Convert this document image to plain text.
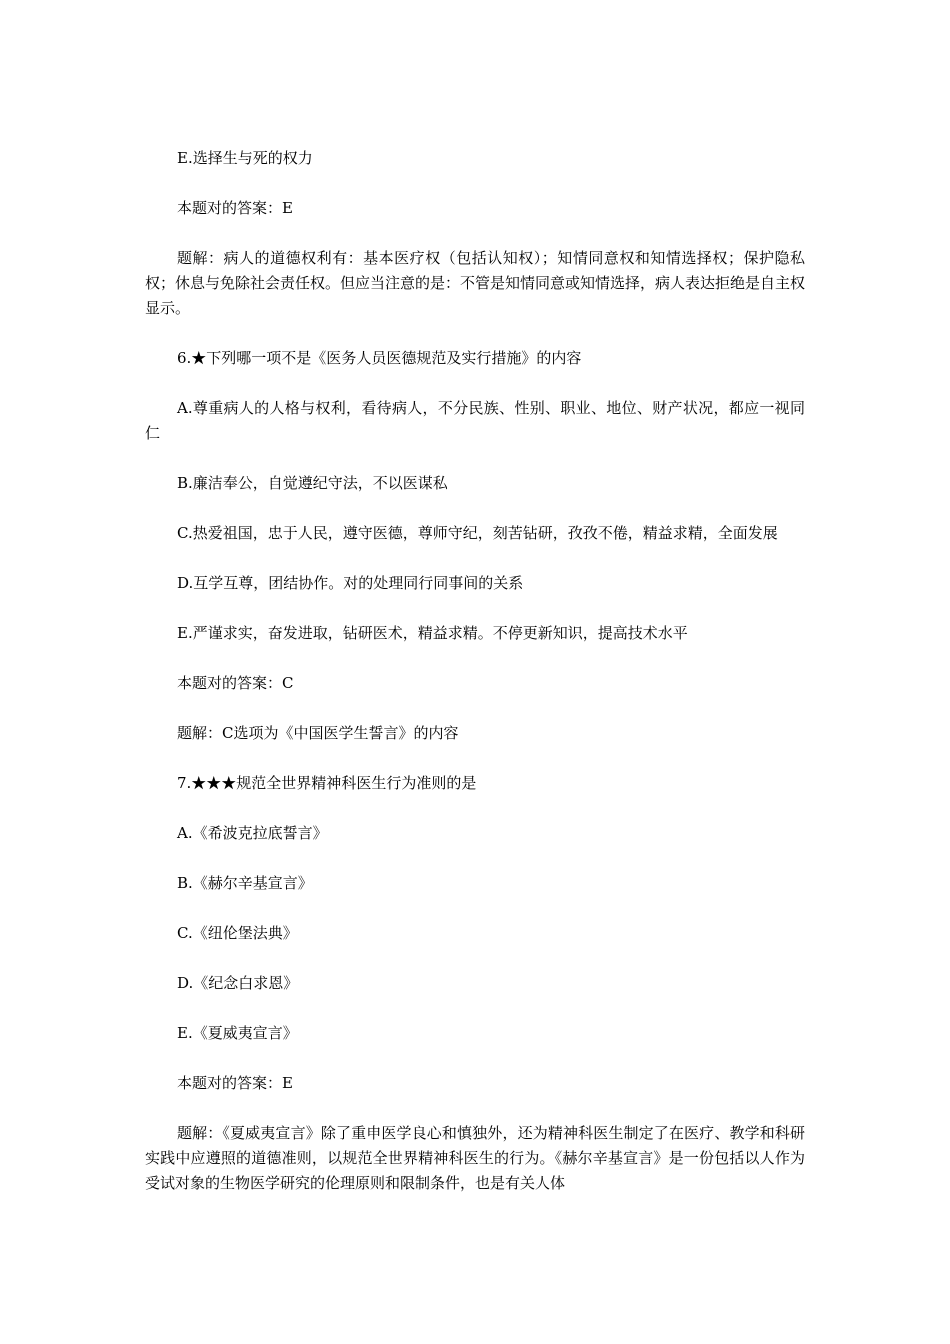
E.选择生与死的权力

本题对的答案：E

题解：病人的道德权利有：基本医疗权（包括认知权）；知情同意权和知情选择权；保护隐私权；休息与免除社会责任权。但应当注意的是：不管是知情同意或知情选择，病人表达拒绝是自主权显示。

6.★下列哪一项不是《医务人员医德规范及实行措施》的内容

A.尊重病人的人格与权利，看待病人，不分民族、性别、职业、地位、财产状况，都应一视同仁

B.廉洁奉公，自觉遵纪守法，不以医谋私

C.热爱祖国，忠于人民，遵守医德，尊师守纪，刻苦钻研，孜孜不倦，精益求精，全面发展

D.互学互尊，团结协作。对的处理同行同事间的关系

E.严谨求实，奋发进取，钻研医术，精益求精。不停更新知识，提高技术水平

本题对的答案：C

题解：C选项为《中国医学生誓言》的内容

7.★★★规范全世界精神科医生行为准则的是

A.《希波克拉底誓言》

B.《赫尔辛基宣言》

C.《纽伦堡法典》

D.《纪念白求恩》

E.《夏威夷宣言》

本题对的答案：E

题解：《夏威夷宣言》除了重申医学良心和慎独外，还为精神科医生制定了在医疗、教学和科研实践中应遵照的道德准则，以规范全世界精神科医生的行为。《赫尔辛基宣言》是一份包括以人作为受试对象的生物医学研究的伦理原则和限制条件，也是有关人体
